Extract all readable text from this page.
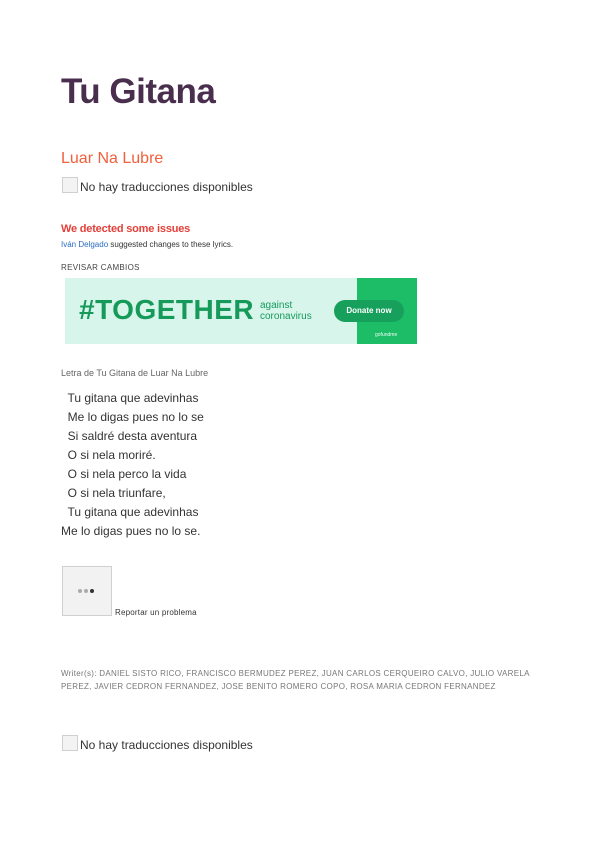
Tu Gitana
Luar Na Lubre
No hay traducciones disponibles
We detected some issues
Iván Delgado suggested changes to these lyrics.
REVISAR CAMBIOS
#TOGETHER against
coronavirus
Donate now
gofundme
Letra de Tu Gitana de Luar Na Lubre
Tu gitana que adevinhas
Me lo digas pues no lo se
Si saldré desta aventura
O si nela moriré.
O si nela perco la vida
O si nela triunfare,
Tu gitana que adevinhas
Me lo digas pues no lo se.
Reportar un problema
Writer(s): DANIEL SISTO RICO, FRANCISCO BERMUDEZ PEREZ, JUAN CARLOS CERQUEIRO CALVO, JULIO VARELA PEREZ, JAVIER CEDRON FERNANDEZ, JOSE BENITO ROMERO COPO, ROSA MARIA CEDRON FERNANDEZ
No hay traducciones disponibles
